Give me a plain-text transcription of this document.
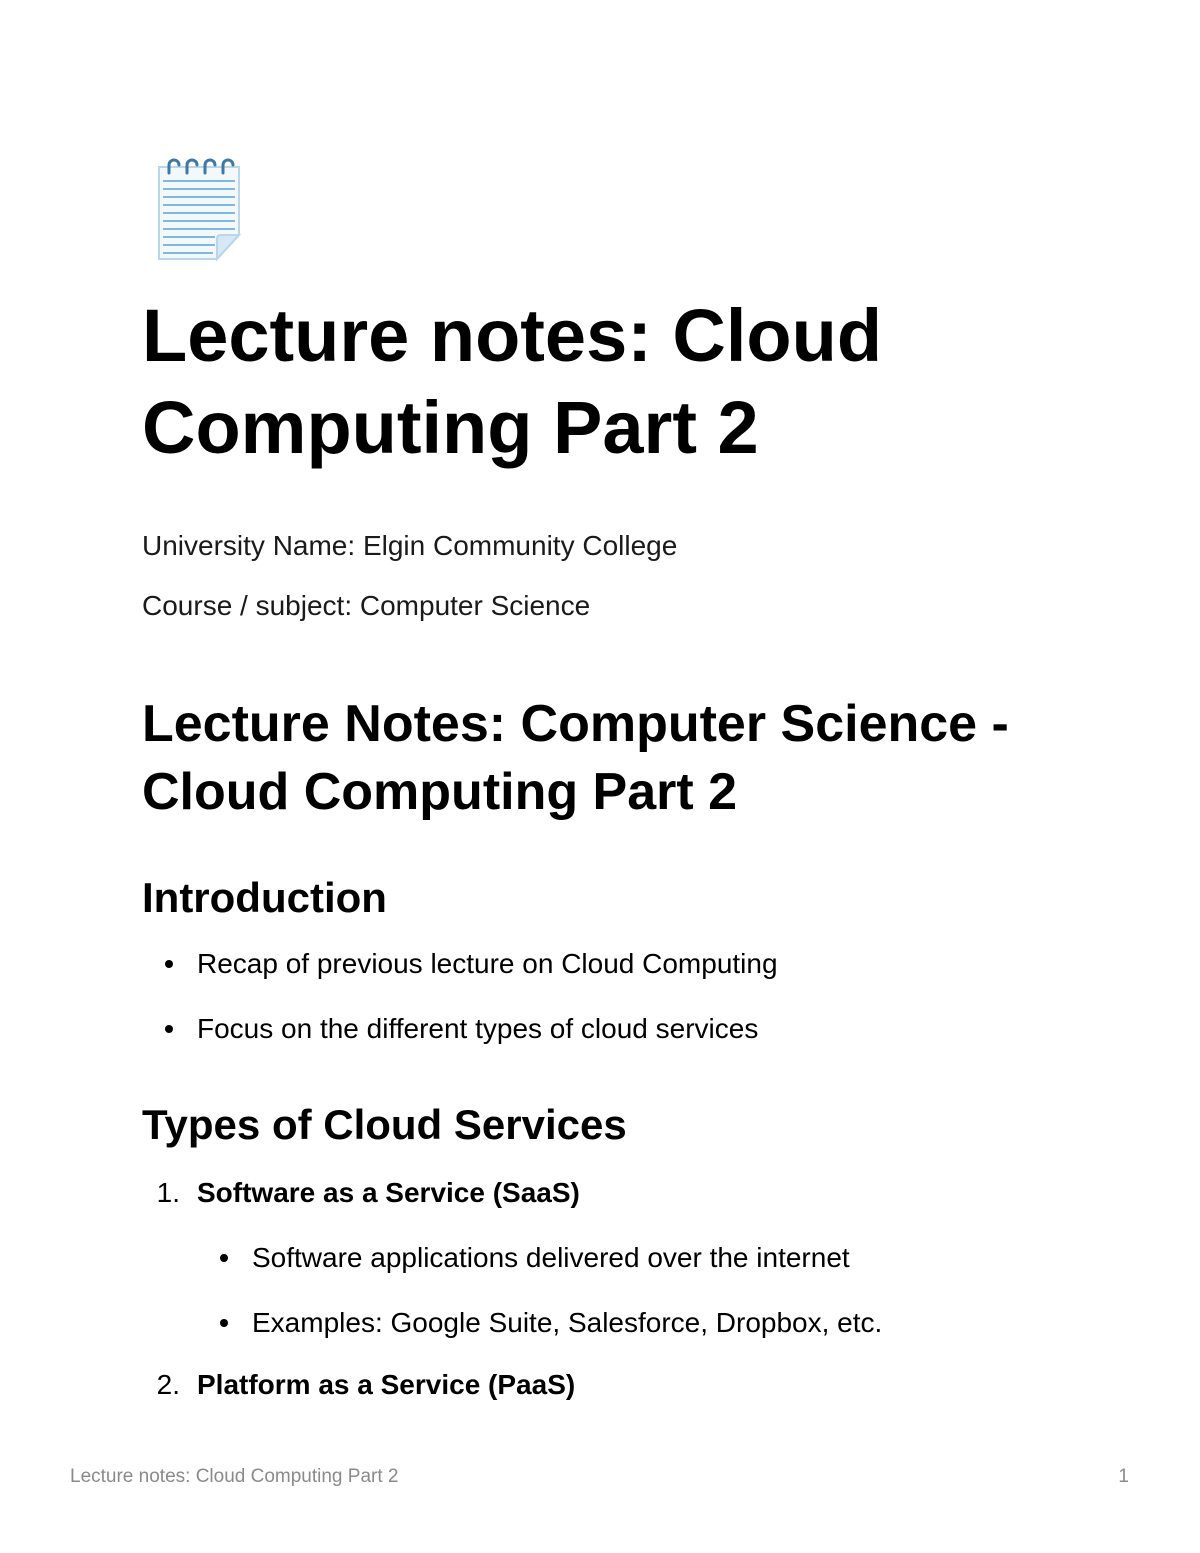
Lecture notes: Cloud Computing Part 2

University Name: Elgin Community College

Course / subject: Computer Science

Lecture Notes: Computer Science - Cloud Computing Part 2
Introduction

Recap of previous lecture on Cloud Computing

Focus on the different types of cloud services

Types of Cloud Services
1. Software as a Service (SaaS)

Software applications delivered over the internet

Examples: Google Suite, Salesforce, Dropbox, etc.

2. Platform as a Service (PaaS)

Lecture notes: Cloud Computing Part 2	1
